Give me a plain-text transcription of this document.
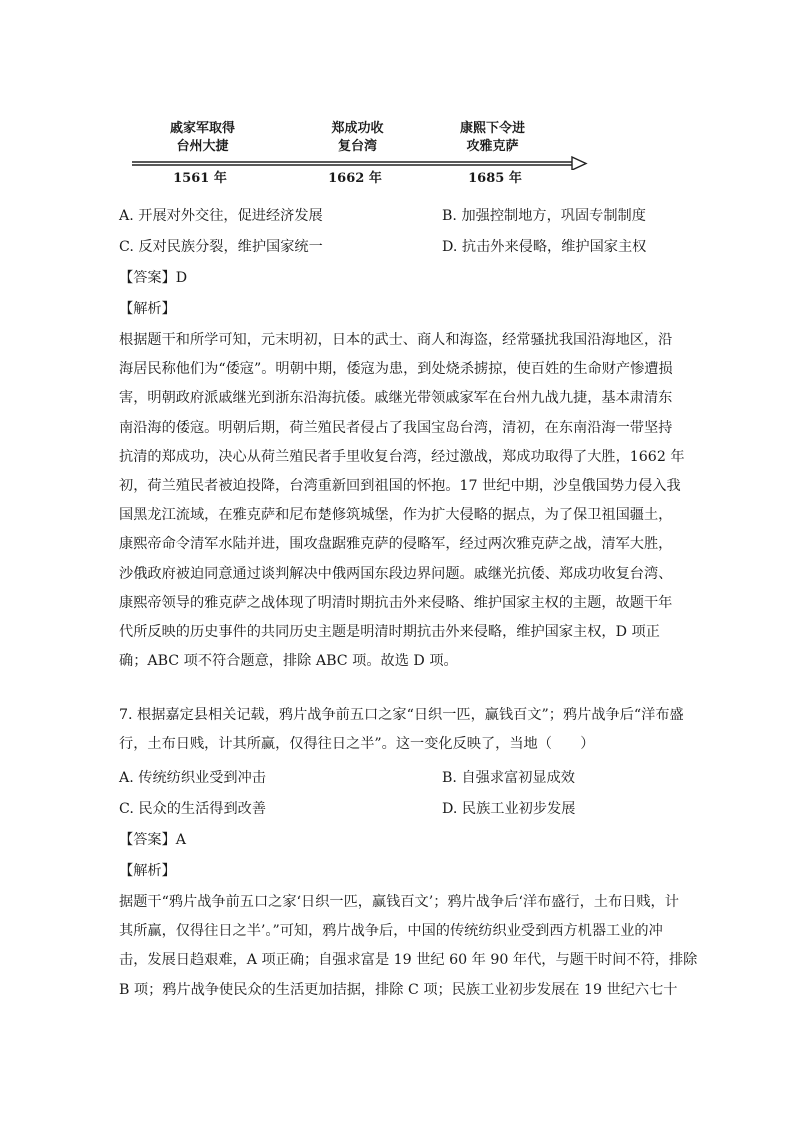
戚家军取得
台州大捷
郑成功收
复台湾
康熙下令进
攻雅克萨
1561 年	1662 年	1685 年
A. 开展对外交往，促进经济发展	B. 加强控制地方，巩固专制制度
C. 反对民族分裂，维护国家统一	D. 抗击外来侵略，维护国家主权
【答案】D
【解析】
根据题干和所学可知，元末明初，日本的武士、商人和海盗，经常骚扰我国沿海地区，沿
海居民称他们为“倭寇”。明朝中期，倭寇为患，到处烧杀掳掠，使百姓的生命财产惨遭损
害，明朝政府派戚继光到浙东沿海抗倭。戚继光带领戚家军在台州九战九捷，基本肃清东
南沿海的倭寇。明朝后期，荷兰殖民者侵占了我国宝岛台湾，清初，在东南沿海一带坚持
抗清的郑成功，决心从荷兰殖民者手里收复台湾，经过激战，郑成功取得了大胜，1662 年
初，荷兰殖民者被迫投降，台湾重新回到祖国的怀抱。17 世纪中期，沙皇俄国势力侵入我
国黑龙江流域，在雅克萨和尼布楚修筑城堡，作为扩大侵略的据点，为了保卫祖国疆土，
康熙帝命令清军水陆并进，围攻盘踞雅克萨的侵略军，经过两次雅克萨之战，清军大胜，
沙俄政府被迫同意通过谈判解决中俄两国东段边界问题。戚继光抗倭、郑成功收复台湾、
康熙帝领导的雅克萨之战体现了明清时期抗击外来侵略、维护国家主权的主题，故题干年
代所反映的历史事件的共同历史主题是明清时期抗击外来侵略，维护国家主权，D 项正
确；ABC 项不符合题意，排除 ABC 项。故选 D 项。
7. 根据嘉定县相关记载，鸦片战争前五口之家“日织一匹，赢钱百文”；鸦片战争后“洋布盛
行，土布日贱，计其所赢，仅得往日之半”。这一变化反映了，当地（　　）
A. 传统纺织业受到冲击	B. 自强求富初显成效
C. 民众的生活得到改善	D. 民族工业初步发展
【答案】A
【解析】
据题干“鸦片战争前五口之家‘日织一匹，赢钱百文’；鸦片战争后‘洋布盛行，土布日贱，计
其所赢，仅得往日之半’。”可知，鸦片战争后，中国的传统纺织业受到西方机器工业的冲
击，发展日趋艰难，A 项正确；自强求富是 19 世纪 60 年 90 年代，与题干时间不符，排除
B 项；鸦片战争使民众的生活更加拮据，排除 C 项；民族工业初步发展在 19 世纪六七十
